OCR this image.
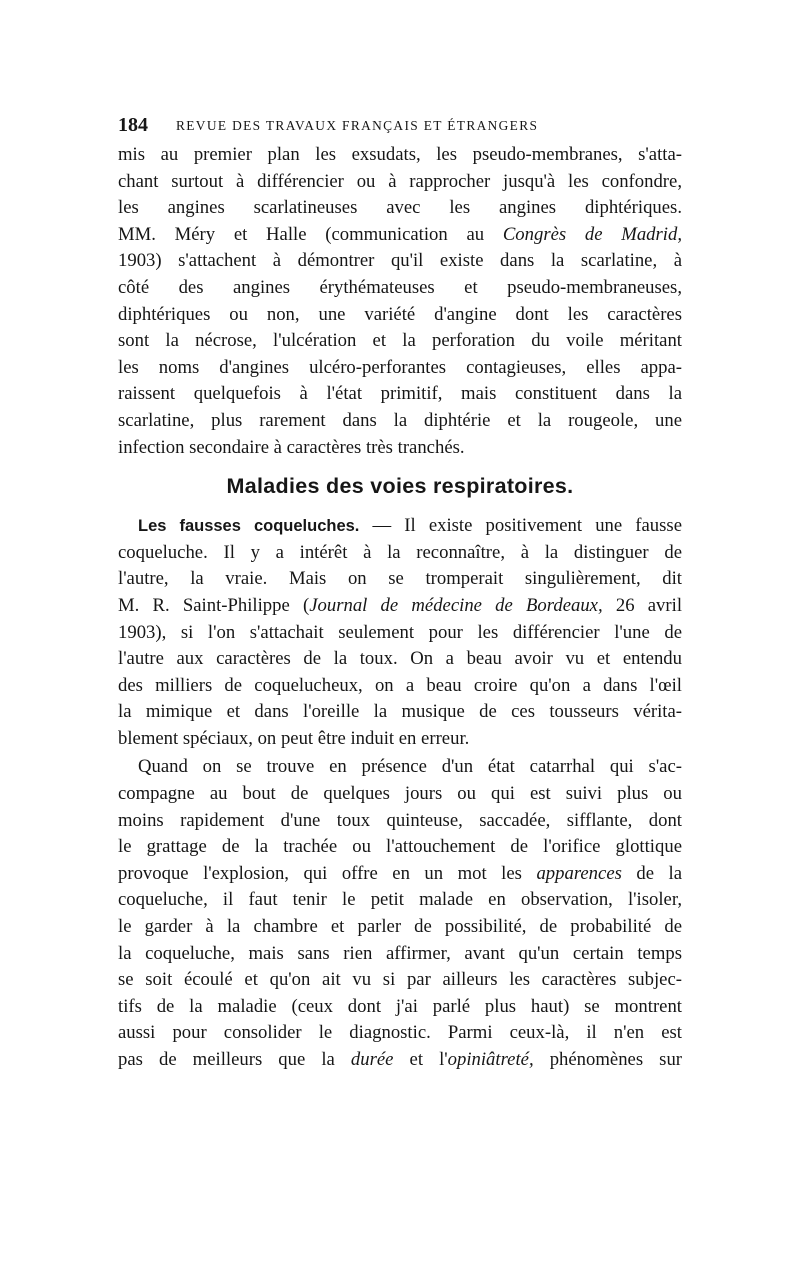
184 REVUE DES TRAVAUX FRANÇAIS ET ÉTRANGERS
mis au premier plan les exsudats, les pseudo-membranes, s'atta-
chant surtout à différencier ou à rapprocher jusqu'à les confondre,
les angines scarlatineuses avec les angines diphtériques.
MM. Méry et Halle (communication au Congrès de Madrid,
1903) s'attachent à démontrer qu'il existe dans la scarlatine, à
côté des angines érythémateuses et pseudo-membraneuses,
diphtériques ou non, une variété d'angine dont les caractères
sont la nécrose, l'ulcération et la perforation du voile méritant
les noms d'angines ulcéro-perforantes contagieuses, elles appa-
raissent quelquefois à l'état primitif, mais constituent dans la
scarlatine, plus rarement dans la diphtérie et la rougeole, une
infection secondaire à caractères très tranchés.
Maladies des voies respiratoires.
Les fausses coqueluches. — Il existe positivement une fausse
coqueluche. Il y a intérêt à la reconnaître, à la distinguer de
l'autre, la vraie. Mais on se tromperait singulièrement, dit
M. R. Saint-Philippe (Journal de médecine de Bordeaux, 26 avril
1903), si l'on s'attachait seulement pour les différencier l'une de
l'autre aux caractères de la toux. On a beau avoir vu et entendu
des milliers de coquelucheux, on a beau croire qu'on a dans l'œil
la mimique et dans l'oreille la musique de ces tousseurs vérita-
blement spéciaux, on peut être induit en erreur.
Quand on se trouve en présence d'un état catarrhal qui s'ac-
compagne au bout de quelques jours ou qui est suivi plus ou
moins rapidement d'une toux quinteuse, saccadée, sifflante, dont
le grattage de la trachée ou l'attouchement de l'orifice glottique
provoque l'explosion, qui offre en un mot les apparences de la
coqueluche, il faut tenir le petit malade en observation, l'isoler,
le garder à la chambre et parler de possibilité, de probabilité de
la coqueluche, mais sans rien affirmer, avant qu'un certain temps
se soit écoulé et qu'on ait vu si par ailleurs les caractères subjec-
tifs de la maladie (ceux dont j'ai parlé plus haut) se montrent
aussi pour consolider le diagnostic. Parmi ceux-là, il n'en est
pas de meilleurs que la durée et l'opiniâtreté, phénomènes sur
